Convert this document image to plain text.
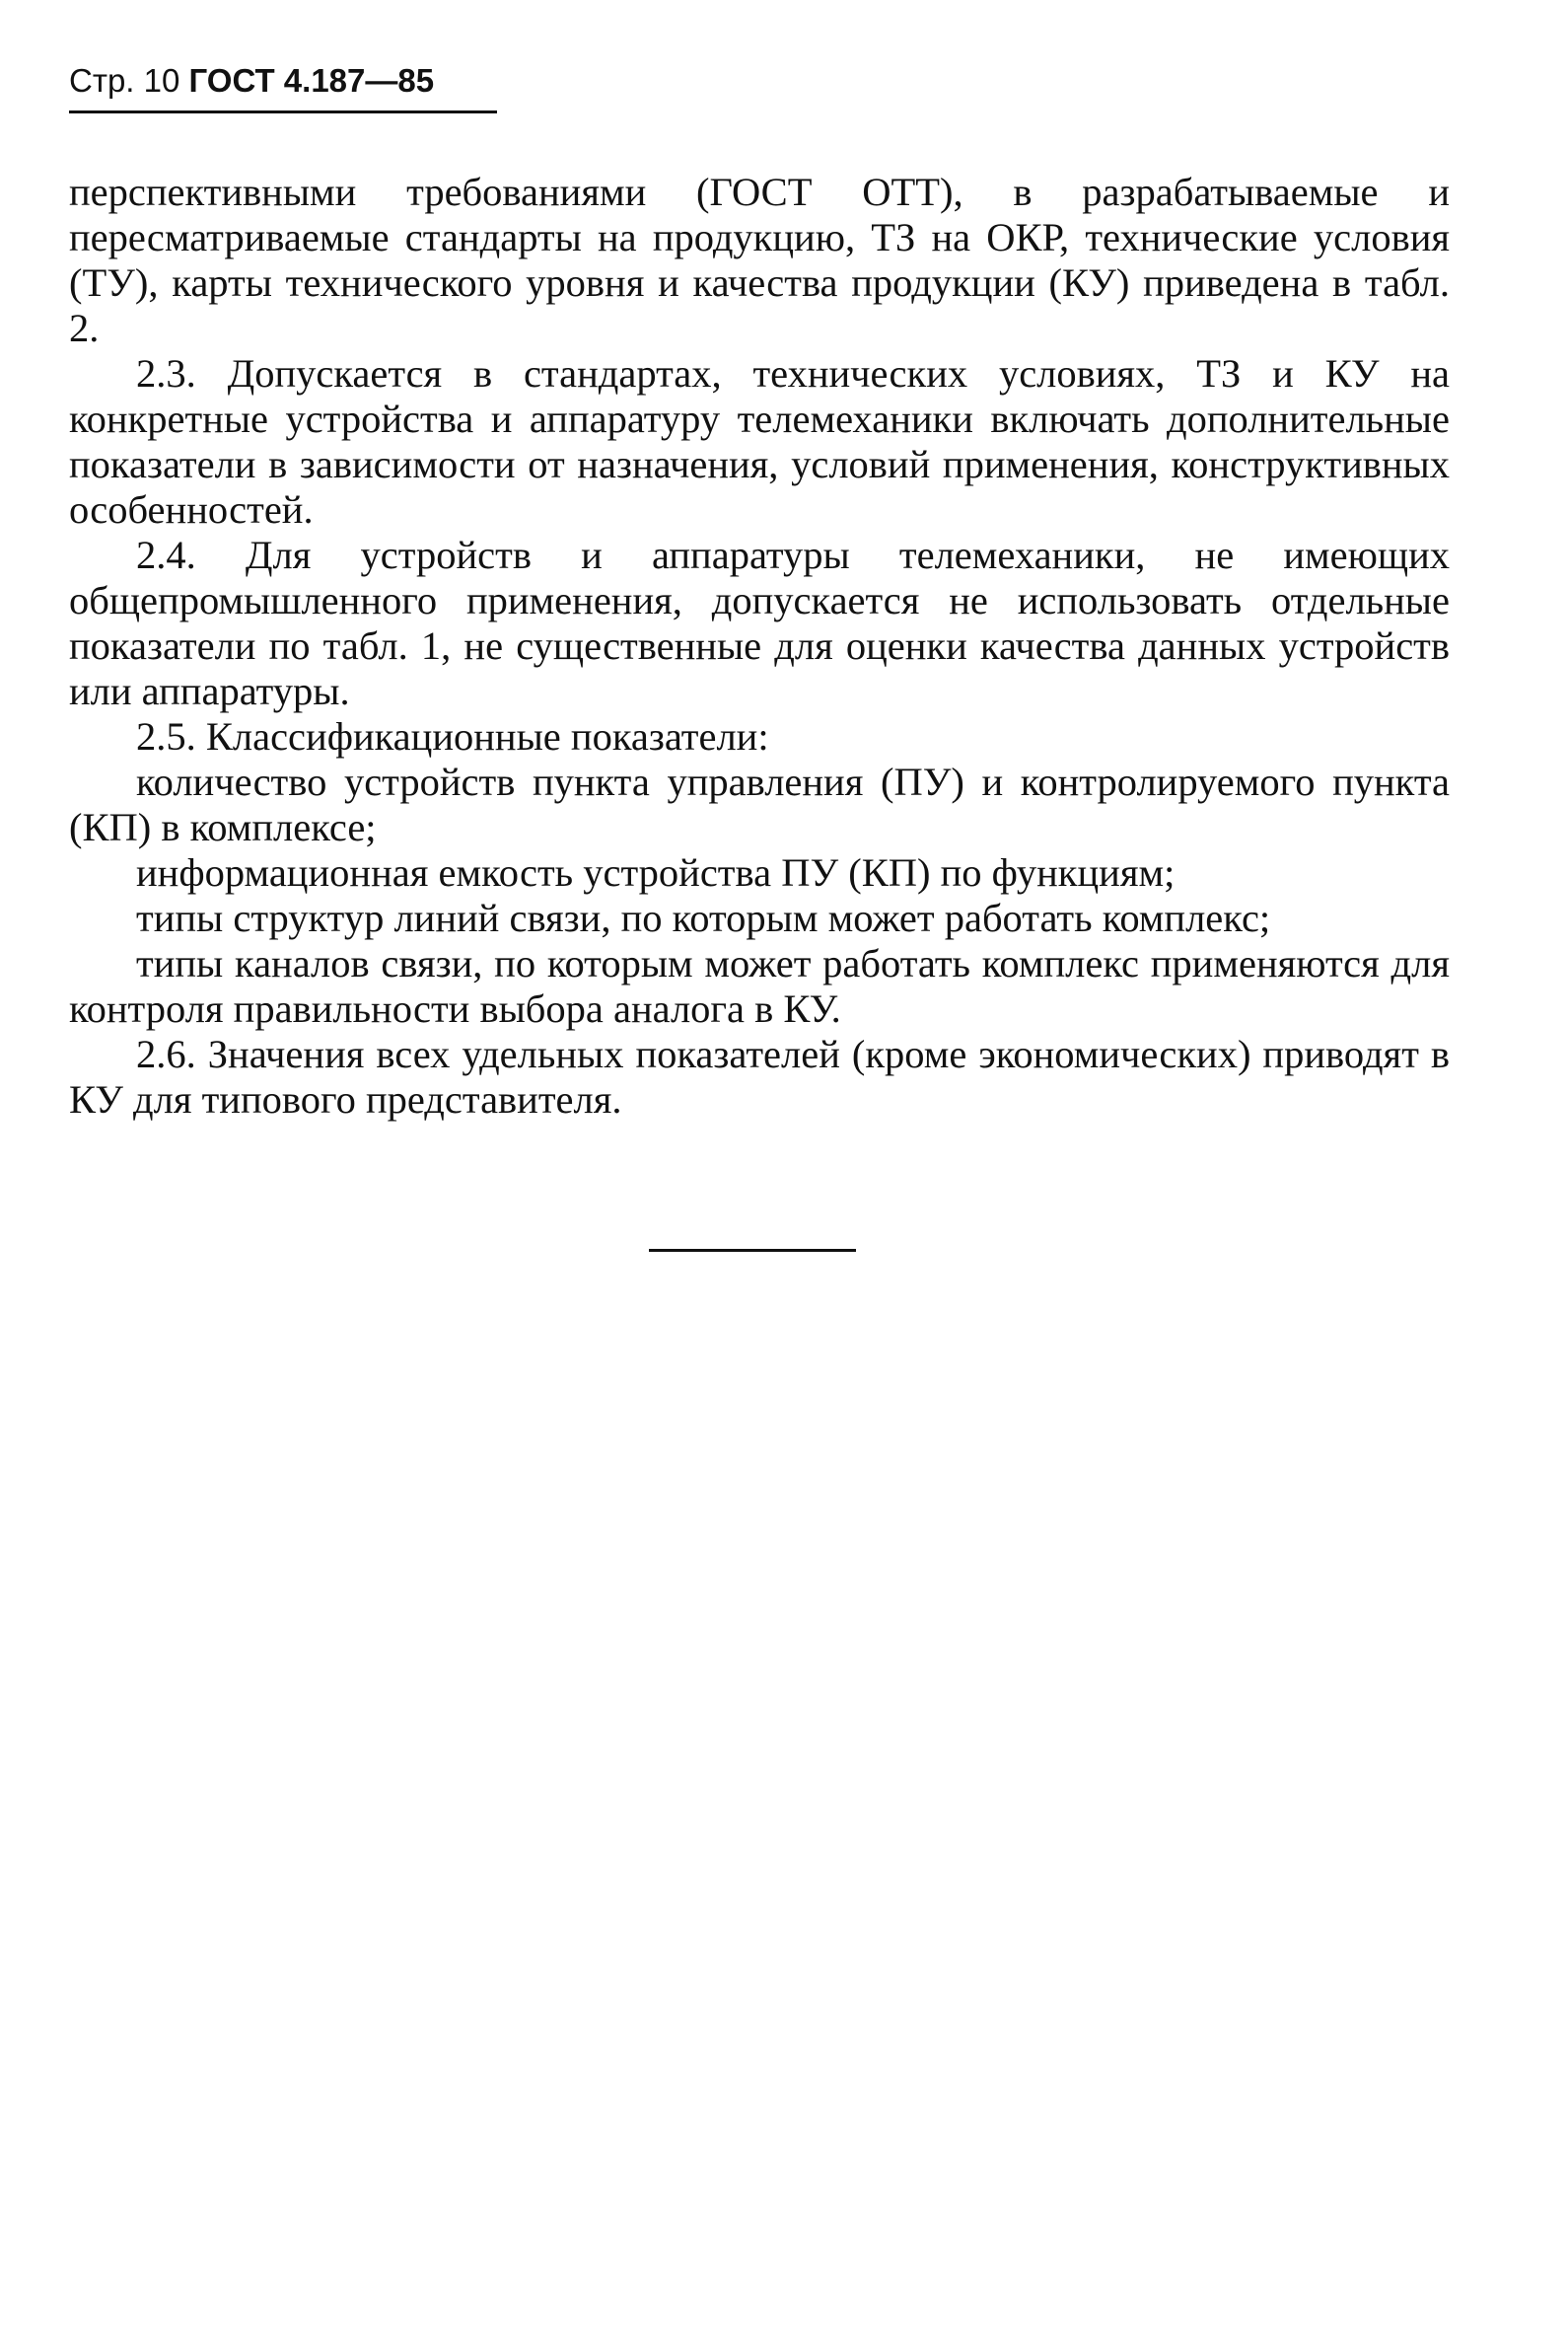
Стр. 10 ГОСТ 4.187—85

перспективными требованиями (ГОСТ ОТТ), в разрабатываемые и пересматриваемые стандарты на продукцию, ТЗ на ОКР, технические условия (ТУ), карты технического уровня и качества продукции (КУ) приведена в табл. 2.

2.3. Допускается в стандартах, технических условиях, ТЗ и КУ на конкретные устройства и аппаратуру телемеханики включать дополнительные показатели в зависимости от назначения, условий применения, конструктивных особенностей.

2.4. Для устройств и аппаратуры телемеханики, не имеющих общепромышленного применения, допускается не использовать отдельные показатели по табл. 1, не существенные для оценки качества данных устройств или аппаратуры.

2.5. Классификационные показатели:

количество устройств пункта управления (ПУ) и контролируемого пункта (КП) в комплексе;

информационная емкость устройства ПУ (КП) по функциям;

типы структур линий связи, по которым может работать комплекс;

типы каналов связи, по которым может работать комплекс применяются для контроля правильности выбора аналога в КУ.

2.6. Значения всех удельных показателей (кроме экономических) приводят в КУ для типового представителя.
